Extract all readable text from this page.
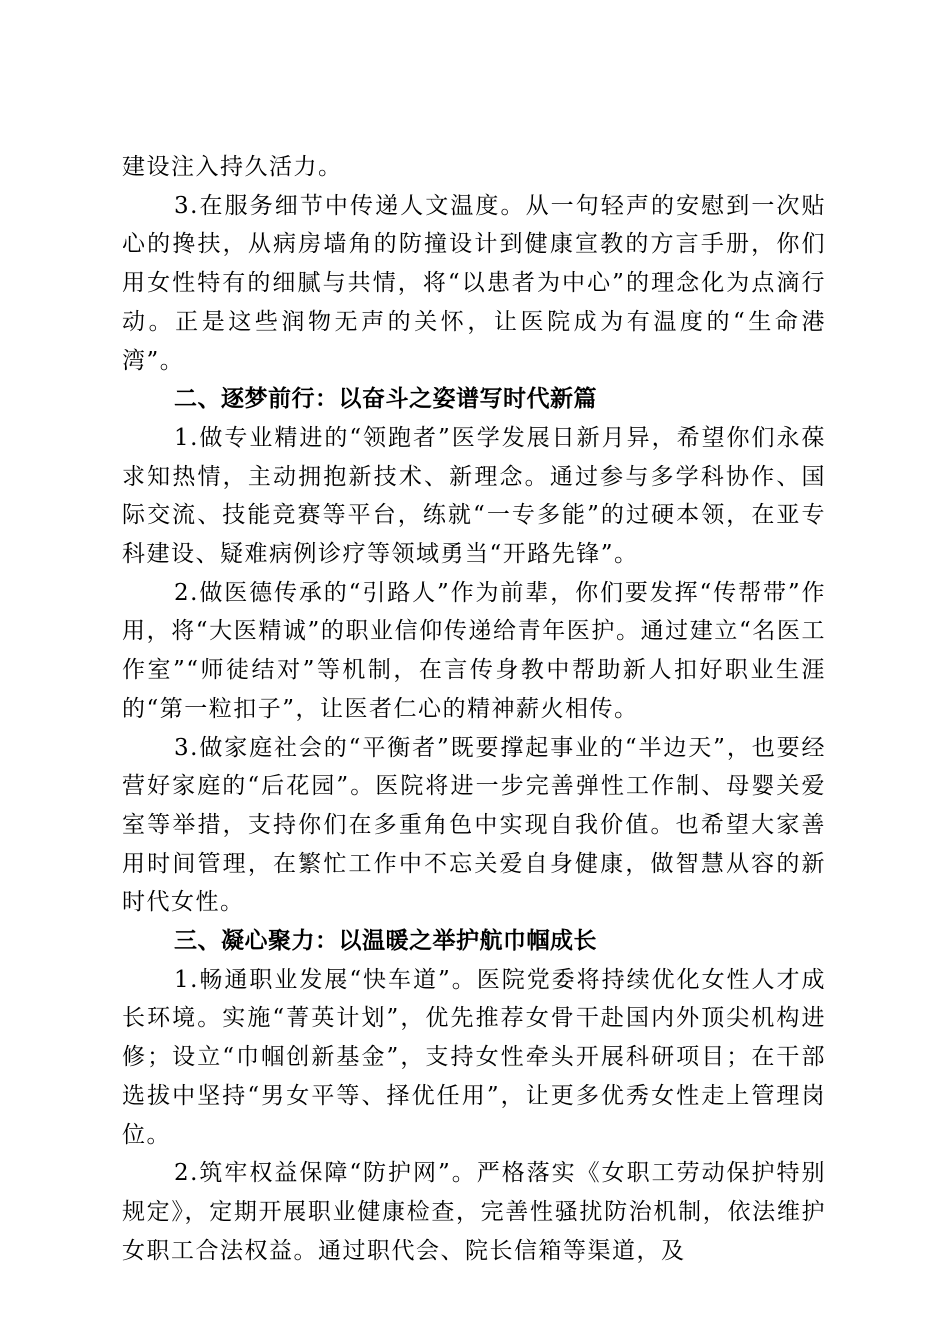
建设注入持久活力。

3.在服务细节中传递人文温度。从一句轻声的安慰到一次贴心的搀扶，从病房墙角的防撞设计到健康宣教的方言手册，你们用女性特有的细腻与共情，将“以患者为中心”的理念化为点滴行动。正是这些润物无声的关怀，让医院成为有温度的“生命港湾”。

二、逐梦前行：以奋斗之姿谱写时代新篇

1.做专业精进的“领跑者”医学发展日新月异，希望你们永葆求知热情，主动拥抱新技术、新理念。通过参与多学科协作、国际交流、技能竞赛等平台，练就“一专多能”的过硬本领，在亚专科建设、疑难病例诊疗等领域勇当“开路先锋”。

2.做医德传承的“引路人”作为前辈，你们要发挥“传帮带”作用，将“大医精诚”的职业信仰传递给青年医护。通过建立“名医工作室”“师徒结对”等机制，在言传身教中帮助新人扣好职业生涯的“第一粒扣子”，让医者仁心的精神薪火相传。

3.做家庭社会的“平衡者”既要撑起事业的“半边天”，也要经营好家庭的“后花园”。医院将进一步完善弹性工作制、母婴关爱室等举措，支持你们在多重角色中实现自我价值。也希望大家善用时间管理，在繁忙工作中不忘关爱自身健康，做智慧从容的新时代女性。

三、凝心聚力：以温暖之举护航巾帼成长

1.畅通职业发展“快车道”。医院党委将持续优化女性人才成长环境。实施“菁英计划”，优先推荐女骨干赴国内外顶尖机构进修；设立“巾帼创新基金”，支持女性牵头开展科研项目；在干部选拔中坚持“男女平等、择优任用”，让更多优秀女性走上管理岗位。

2.筑牢权益保障“防护网”。严格落实《女职工劳动保护特别规定》，定期开展职业健康检查，完善性骚扰防治机制，依法维护女职工合法权益。通过职代会、院长信箱等渠道，及
